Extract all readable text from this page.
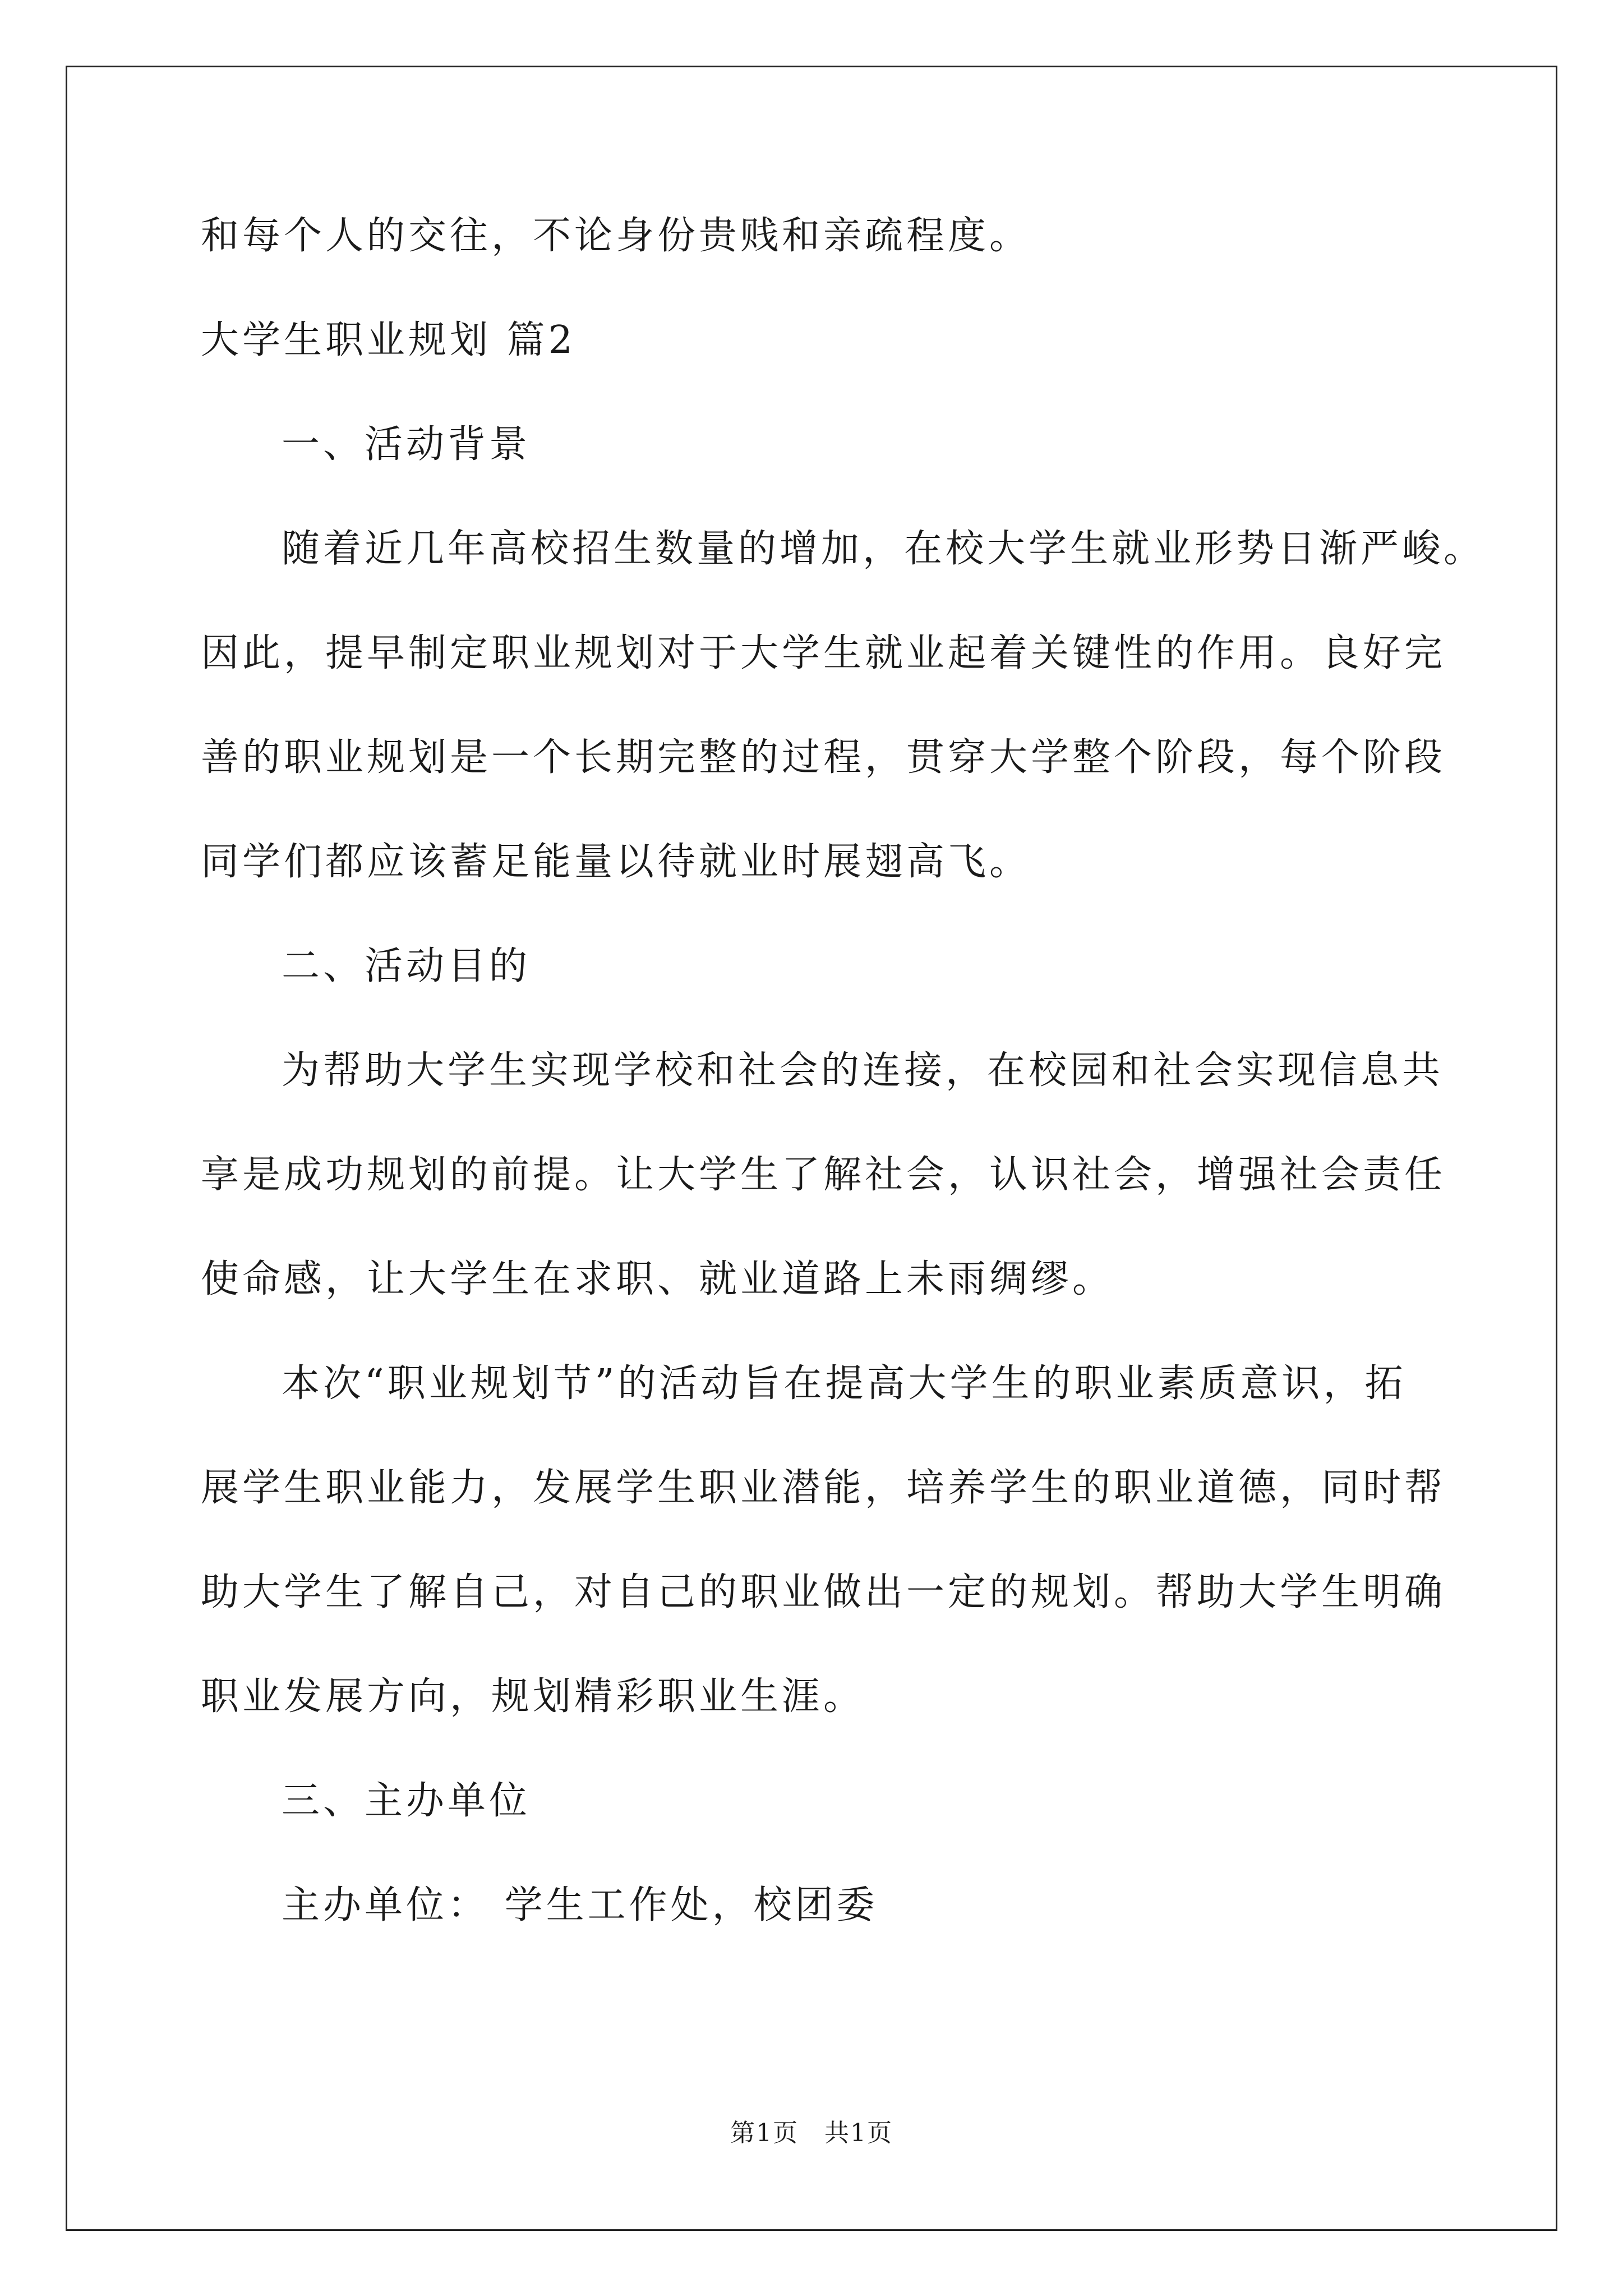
和每个人的交往，不论身份贵贱和亲疏程度。

大学生职业规划 篇2

一、活动背景

随着近几年高校招生数量的增加，在校大学生就业形势日渐严峻。

因此，提早制定职业规划对于大学生就业起着关键性的作用。良好完

善的职业规划是一个长期完整的过程，贯穿大学整个阶段，每个阶段

同学们都应该蓄足能量以待就业时展翅高飞。

二、活动目的

为帮助大学生实现学校和社会的连接，在校园和社会实现信息共

享是成功规划的前提。让大学生了解社会，认识社会，增强社会责任

使命感，让大学生在求职、就业道路上未雨绸缪。

本次“职业规划节”的活动旨在提高大学生的职业素质意识，拓

展学生职业能力，发展学生职业潜能，培养学生的职业道德，同时帮

助大学生了解自己，对自己的职业做出一定的规划。帮助大学生明确

职业发展方向，规划精彩职业生涯。

三、主办单位

主办单位： 学生工作处，校团委

第1页　共1页
